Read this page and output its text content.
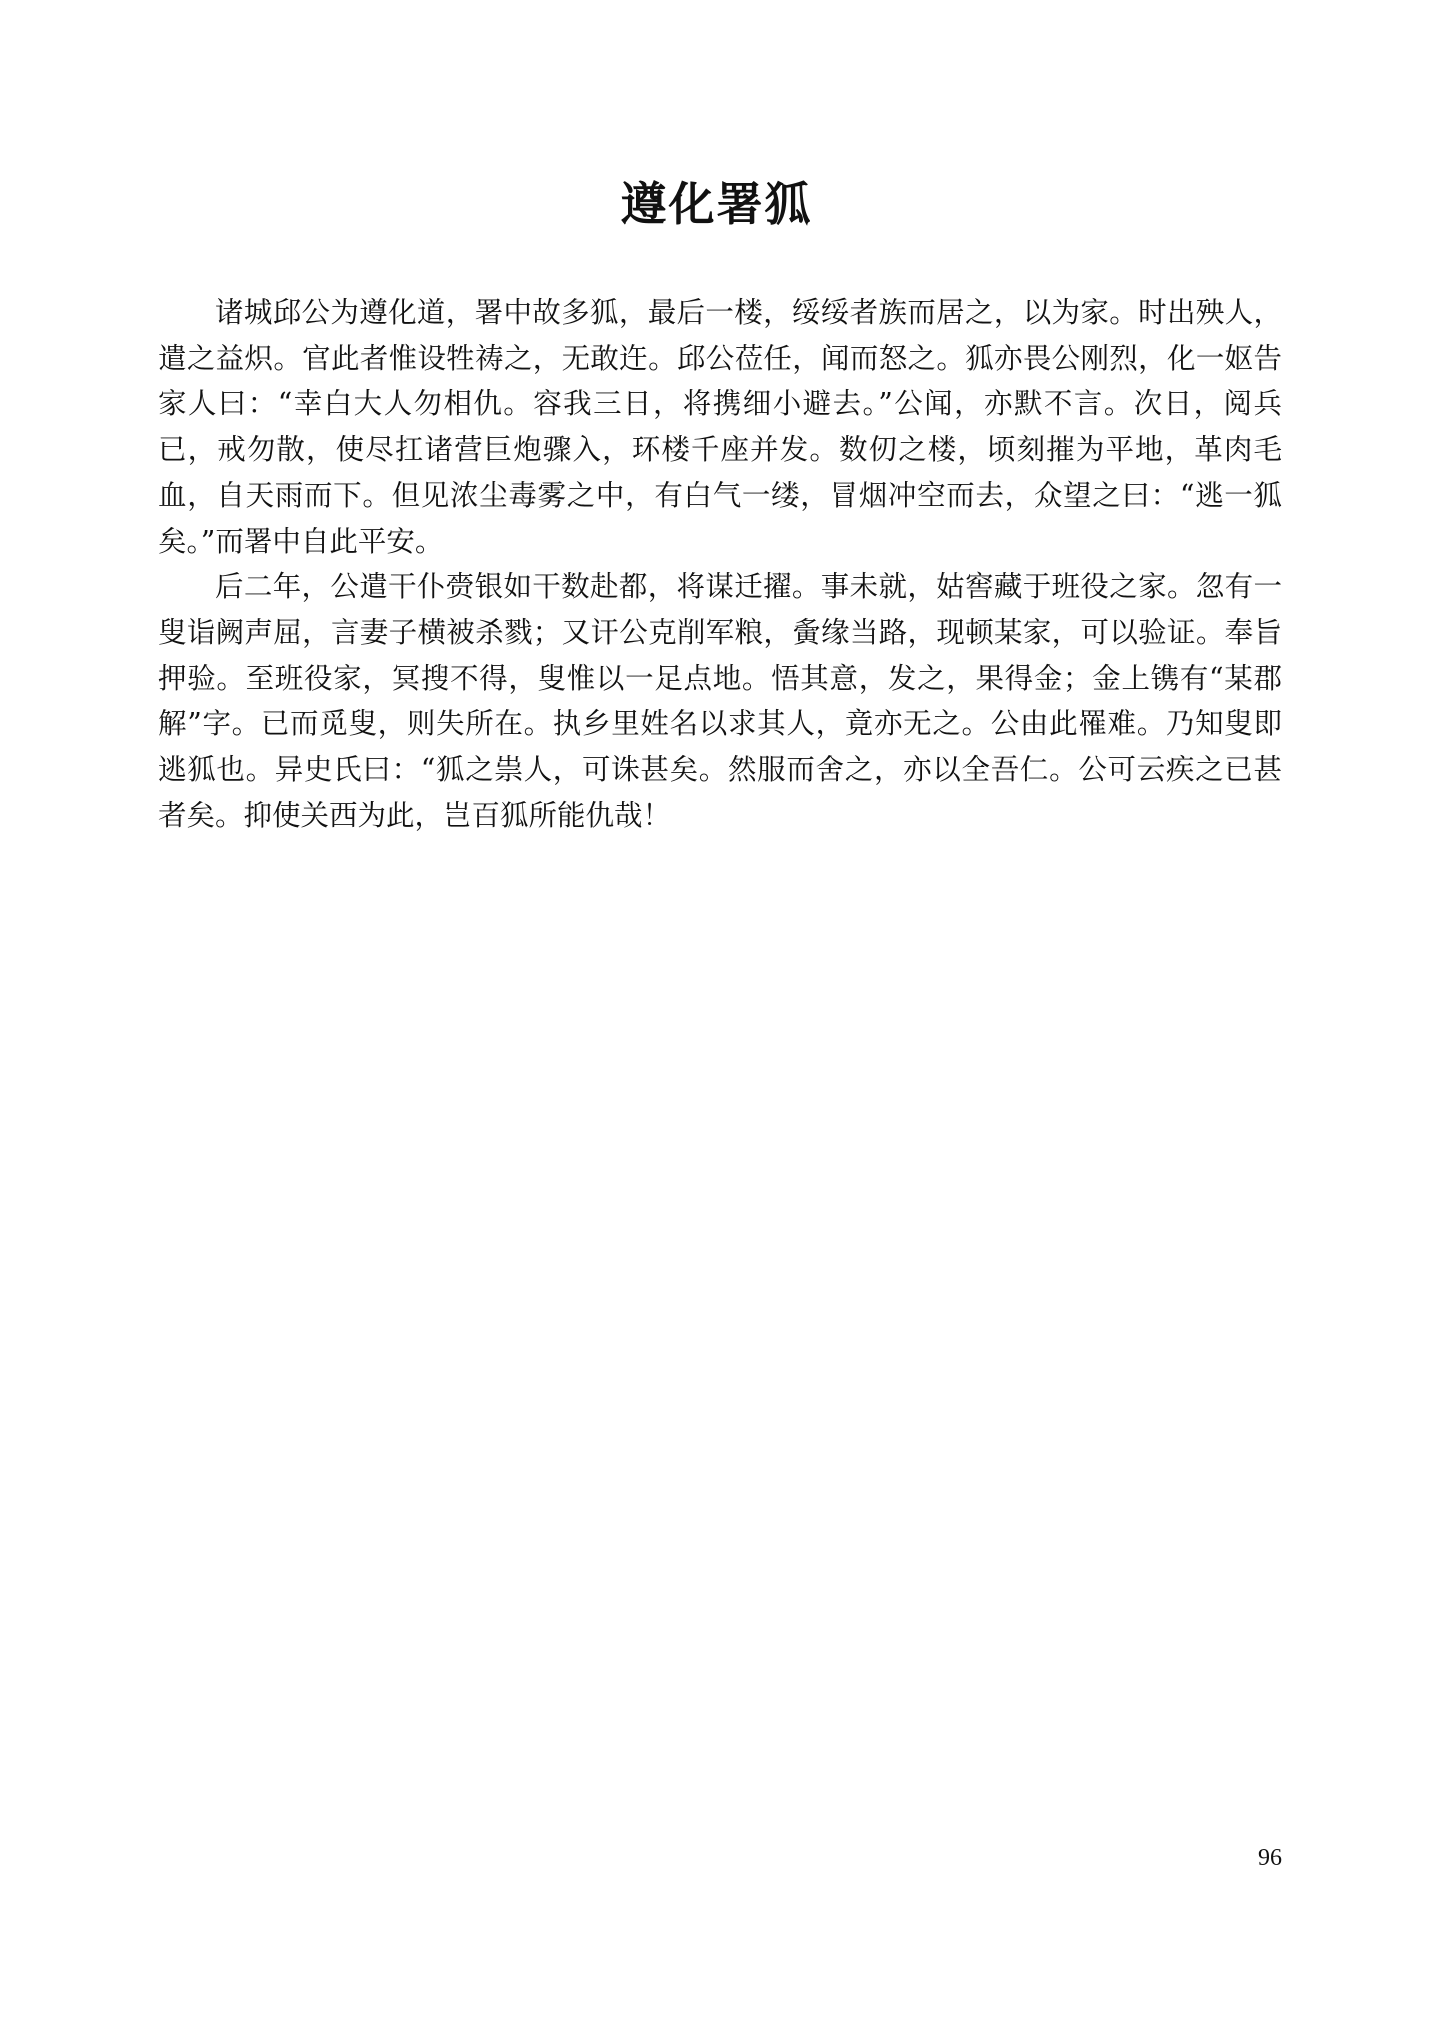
遵化署狐

诸城邱公为遵化道，署中故多狐，最后一楼，绥绥者族而居之，以为家。时出殃人，遣之益炽。官此者惟设牲祷之，无敢迕。邱公莅任，闻而怒之。狐亦畏公刚烈，化一妪告家人曰：“幸白大人勿相仇。容我三日，将携细小避去。”公闻，亦默不言。次日，阅兵已，戒勿散，使尽扛诸营巨炮骤入，环楼千座并发。数仞之楼，顷刻摧为平地，革肉毛血，自天雨而下。但见浓尘毒雾之中，有白气一缕，冒烟冲空而去，众望之曰：“逃一狐矣。”而署中自此平安。

后二年，公遣干仆赍银如干数赴都，将谋迁擢。事未就，姑窖藏于班役之家。忽有一叟诣阙声屈，言妻子横被杀戮；又讦公克削军粮，夤缘当路，现顿某家，可以验证。奉旨押验。至班役家，冥搜不得，叟惟以一足点地。悟其意，发之，果得金；金上镌有“某郡解”字。已而觅叟，则失所在。执乡里姓名以求其人，竟亦无之。公由此罹难。乃知叟即逃狐也。异史氏曰：“狐之祟人，可诛甚矣。然服而舍之，亦以全吾仁。公可云疾之已甚者矣。抑使关西为此，岂百狐所能仇哉！

96
